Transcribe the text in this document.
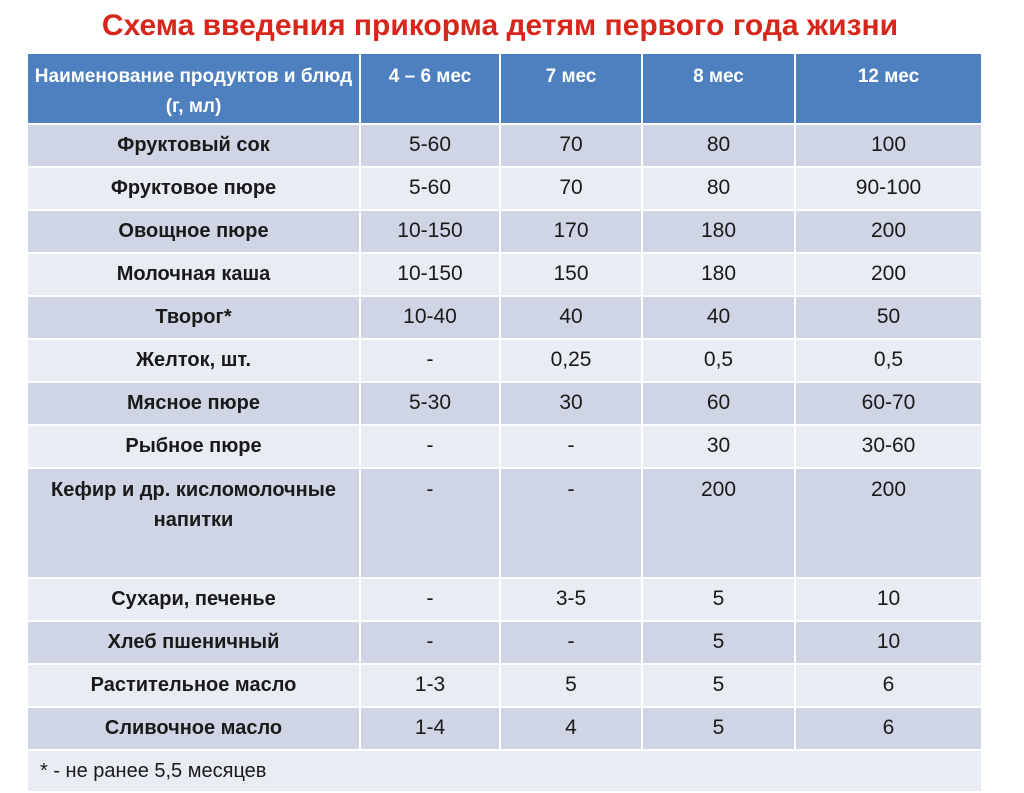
Схема введения прикорма детям первого года жизни
Наименование продуктов и блюд (г, мл)	4 – 6 мес	7 мес	8 мес	12 мес
Фруктовый сок	5-60	70	80	100
Фруктовое пюре	5-60	70	80	90-100
Овощное пюре	10-150	170	180	200
Молочная каша	10-150	150	180	200
Творог*	10-40	40	40	50
Желток, шт.	-	0,25	0,5	0,5
Мясное пюре	5-30	30	60	60-70
Рыбное пюре	-	-	30	30-60
Кефир и др. кисломолочные напитки	-	-	200	200
Сухари, печенье	-	3-5	5	10
Хлеб пшеничный	-	-	5	10
Растительное масло	1-3	5	5	6
Сливочное масло	1-4	4	5	6
* - не ранее 5,5 месяцев				
